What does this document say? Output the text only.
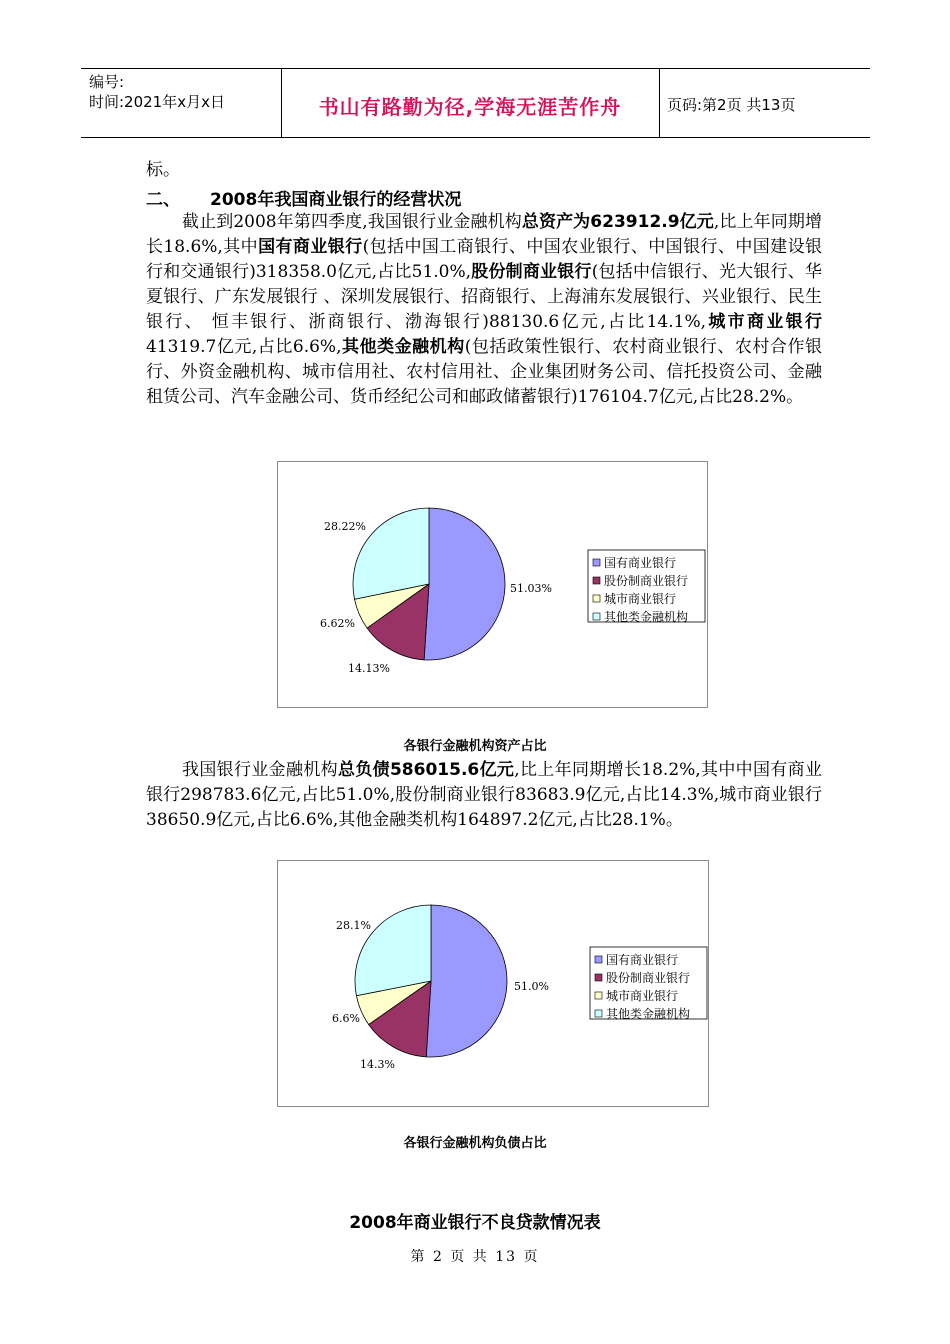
编号:
时间:2021年x月x日	书山有路勤为径,学海无涯苦作舟	页码:第2页 共13页
标。
二、 2008年我国商业银行的经营状况
截止到2008年第四季度,我国银行业金融机构总资产为623912.9亿元,比上年同期增长18.6%,其中国有商业银行(包括中国工商银行、中国农业银行、中国银行、中国建设银行和交通银行)318358.0亿元,占比51.0%,股份制商业银行(包括中信银行、光大银行、华夏银行、广东发展银行 、深圳发展银行、招商银行、上海浦东发展银行、兴业银行、民生银行、 恒丰银行、浙商银行、渤海银行)88130.6亿元,占比14.1%,城市商业银行41319.7亿元,占比6.6%,其他类金融机构(包括政策性银行、农村商业银行、农村合作银行、外资金融机构、城市信用社、农村信用社、企业集团财务公司、信托投资公司、金融租赁公司、汽车金融公司、货币经纪公司和邮政储蓄银行)176104.7亿元,占比28.2%。
51.03%
14.13%
6.62%
28.22%
国有商业银行
股份制商业银行
城市商业银行
其他类金融机构
各银行金融机构资产占比
我国银行业金融机构总负债586015.6亿元,比上年同期增长18.2%,其中中国有商业银行298783.6亿元,占比51.0%,股份制商业银行83683.9亿元,占比14.3%,城市商业银行38650.9亿元,占比6.6%,其他金融类机构164897.2亿元,占比28.1%。
51.0%
14.3%
6.6%
28.1%
国有商业银行
股份制商业银行
城市商业银行
其他类金融机构
各银行金融机构负债占比
2008年商业银行不良贷款情况表
第 2 页 共 13 页
